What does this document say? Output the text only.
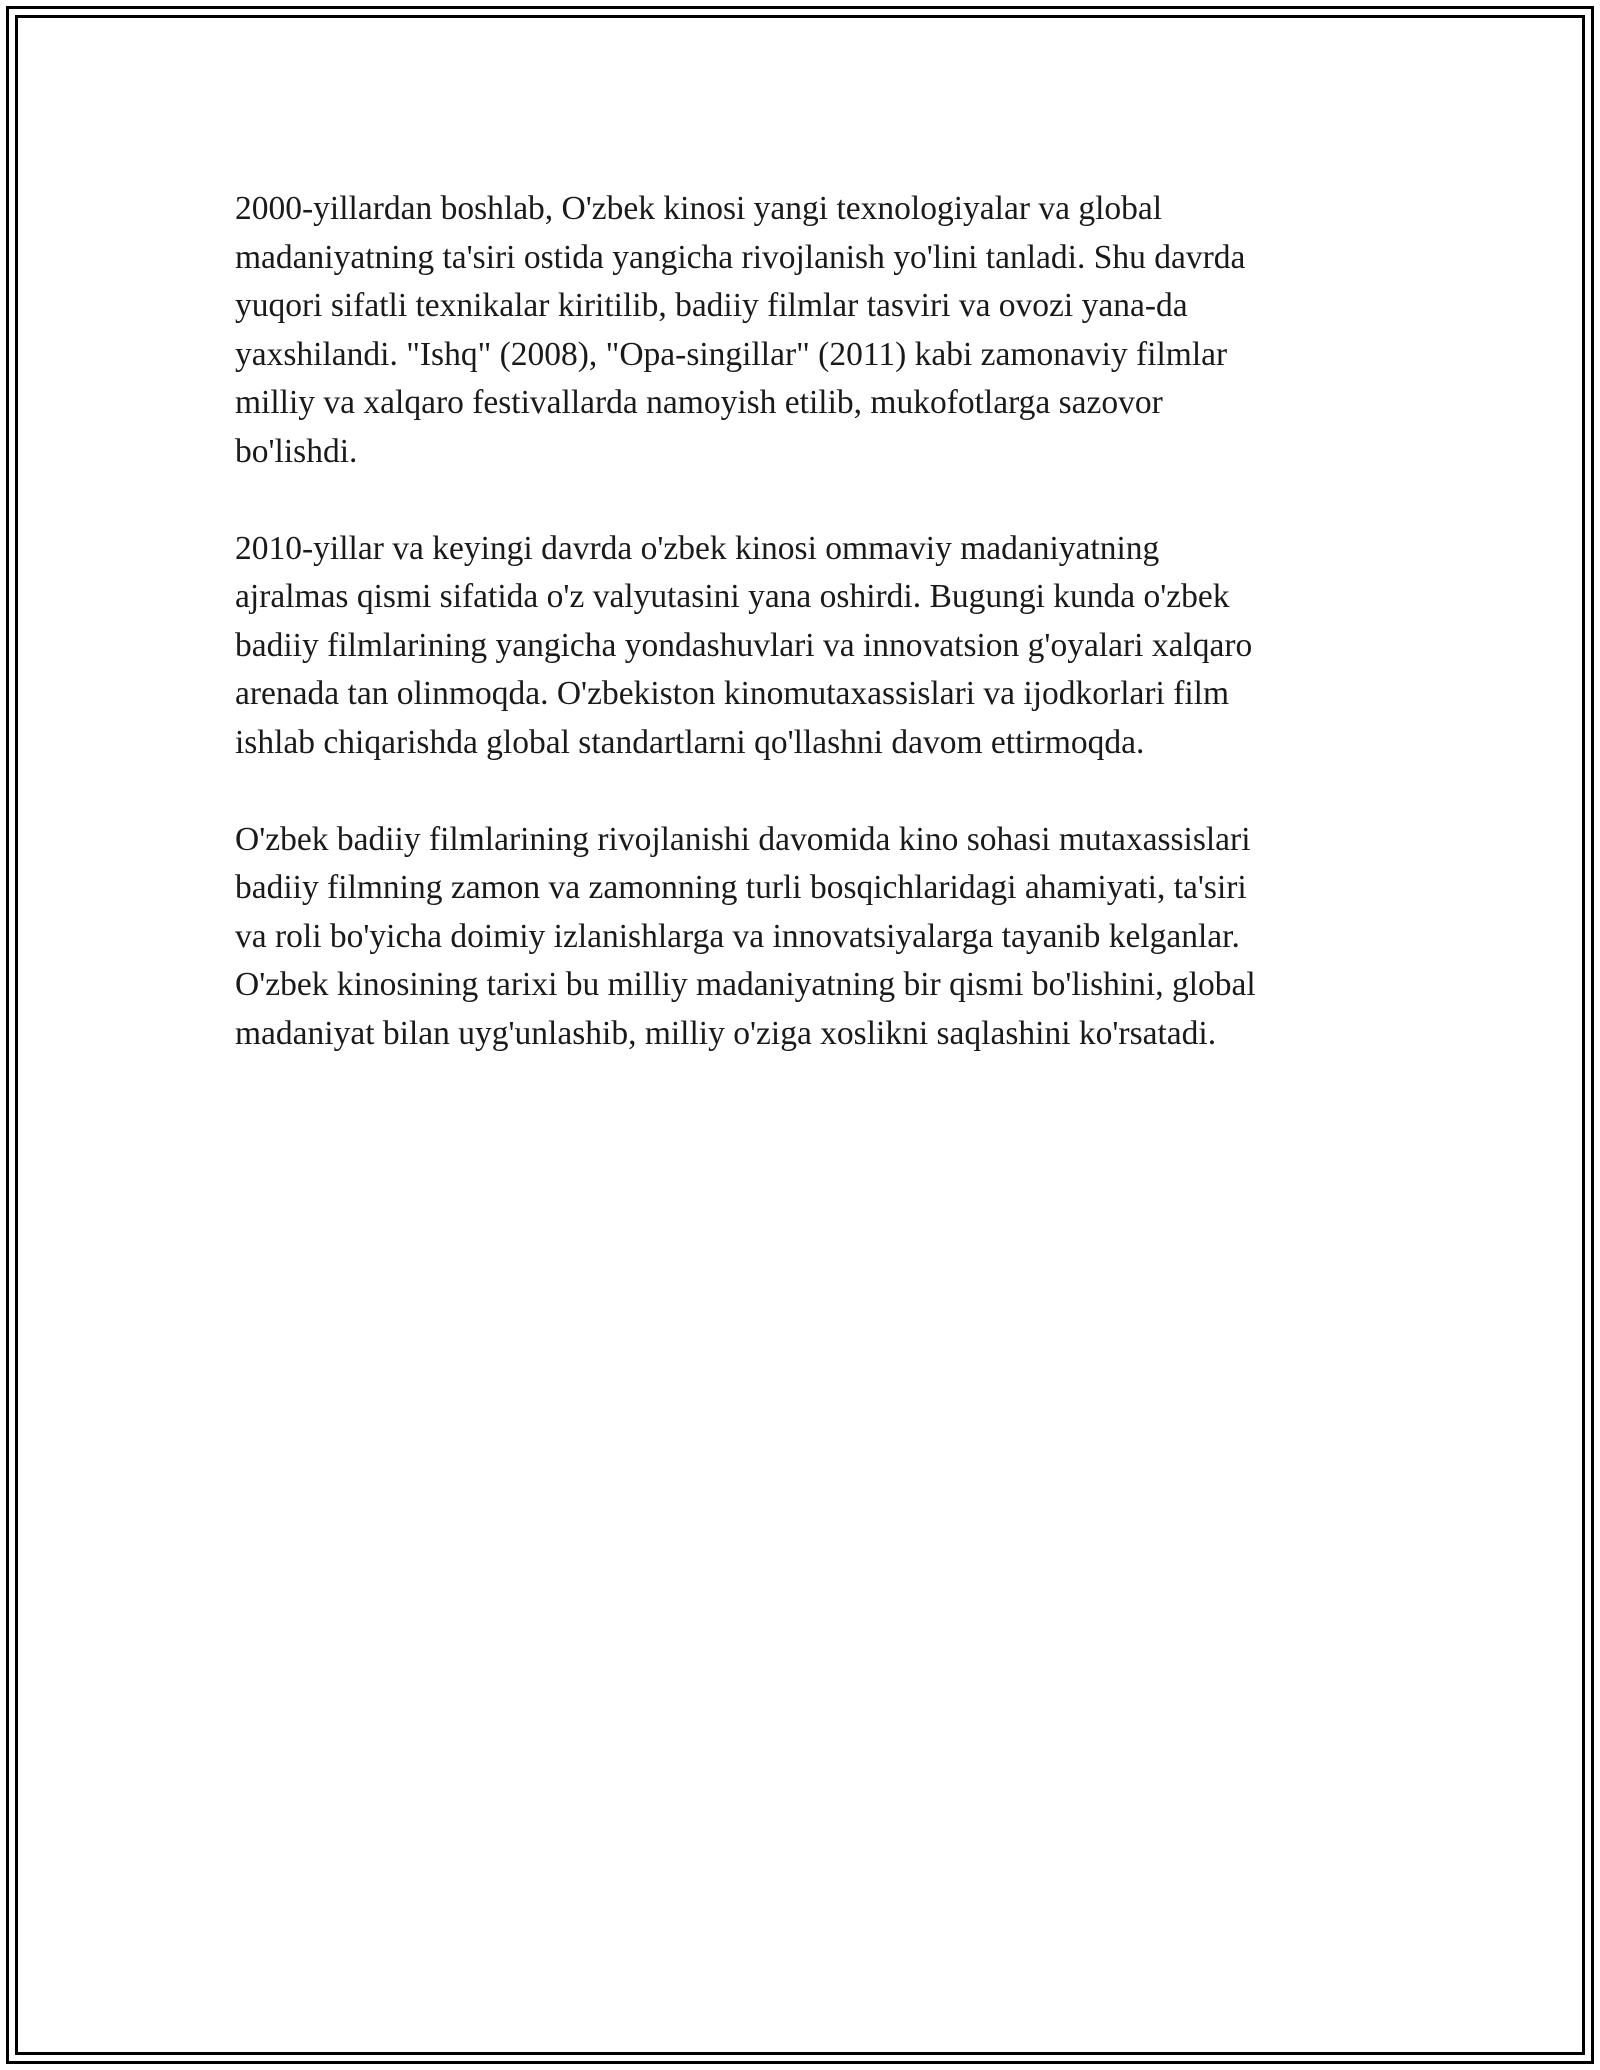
2000-yillardan boshlab, O'zbek kinosi yangi texnologiyalar va global
madaniyatning ta'siri ostida yangicha rivojlanish yo'lini tanladi. Shu davrda
yuqori sifatli texnikalar kiritilib, badiiy filmlar tasviri va ovozi yana-da
yaxshilandi. "Ishq" (2008), "Opa-singillar" (2011) kabi zamonaviy filmlar
milliy va xalqaro festivallarda namoyish etilib, mukofotlarga sazovor
bo'lishdi.

2010-yillar va keyingi davrda o'zbek kinosi ommaviy madaniyatning
ajralmas qismi sifatida o'z valyutasini yana oshirdi. Bugungi kunda o'zbek
badiiy filmlarining yangicha yondashuvlari va innovatsion g'oyalari xalqaro
arenada tan olinmoqda. O'zbekiston kinomutaxassislari va ijodkorlari film
ishlab chiqarishda global standartlarni qo'llashni davom ettirmoqda.

O'zbek badiiy filmlarining rivojlanishi davomida kino sohasi mutaxassislari
badiiy filmning zamon va zamonning turli bosqichlaridagi ahamiyati, ta'siri
va roli bo'yicha doimiy izlanishlarga va innovatsiyalarga tayanib kelganlar.
O'zbek kinosining tarixi bu milliy madaniyatning bir qismi bo'lishini, global
madaniyat bilan uyg'unlashib, milliy o'ziga xoslikni saqlashini ko'rsatadi.
